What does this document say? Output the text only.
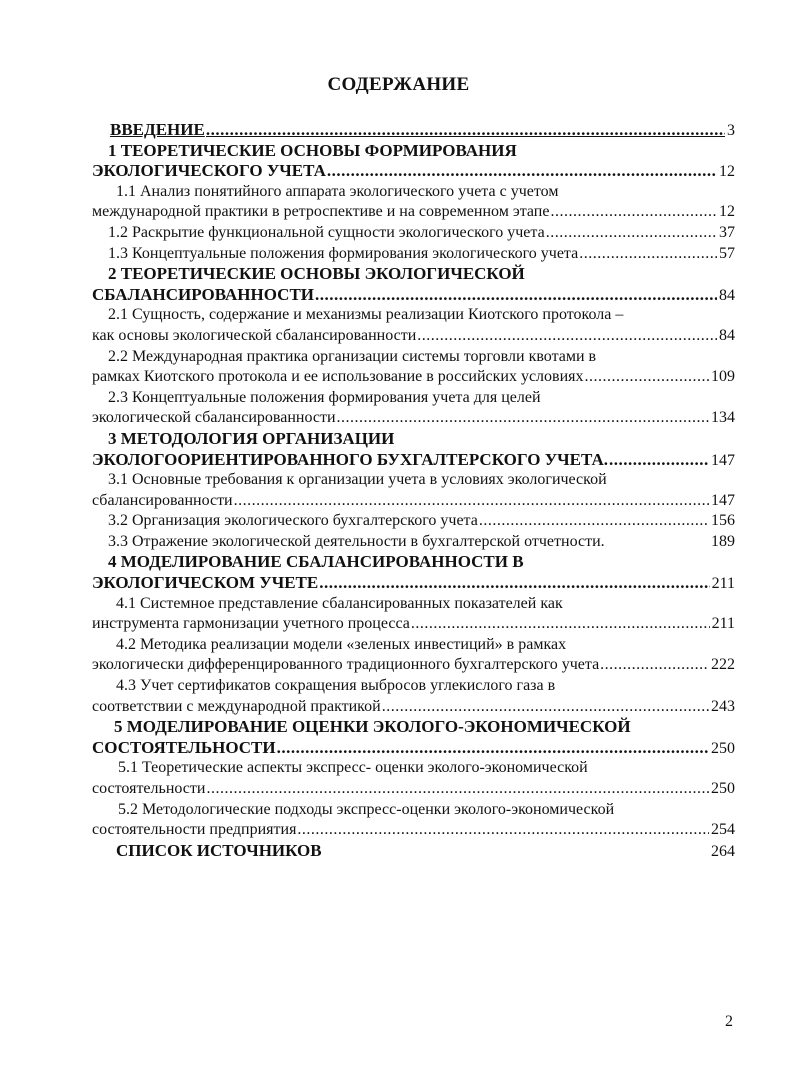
СОДЕРЖАНИЕ
ВВЕДЕНИЕ .....	3
1 ТЕОРЕТИЧЕСКИЕ ОСНОВЫ ФОРМИРОВАНИЯ
ЭКОЛОГИЧЕСКОГО УЧЕТА .....	12
1.1 Анализ понятийного аппарата экологического учета с учетом
международной практики в ретроспективе и на современном этапе .....	12
1.2 Раскрытие функциональной сущности экологического учета .....	37
1.3 Концептуальные положения формирования экологического учета .....	57
2 ТЕОРЕТИЧЕСКИЕ ОСНОВЫ ЭКОЛОГИЧЕСКОЙ
СБАЛАНСИРОВАННОСТИ .....	84
2.1 Сущность, содержание и механизмы реализации Киотского протокола –
как основы экологической сбалансированности .....	84
2.2 Международная практика организации системы торговли квотами в
рамках Киотского протокола и ее использование в российских условиях .....	109
2.3 Концептуальные положения формирования учета для целей
экологической сбалансированности .....	134
3 МЕТОДОЛОГИЯ ОРГАНИЗАЦИИ
ЭКОЛОГООРИЕНТИРОВАННОГО БУХГАЛТЕРСКОГО УЧЕТА. .....	147
3.1 Основные требования к организации учета в условиях экологической
сбалансированности .....	147
3.2 Организация экологического бухгалтерского учета .....	156
3.3 Отражение экологической деятельности в бухгалтерской отчетности.	189
4 МОДЕЛИРОВАНИЕ СБАЛАНСИРОВАННОСТИ В
ЭКОЛОГИЧЕСКОМ УЧЕТЕ .....	211
4.1 Системное представление сбалансированных показателей как
инструмента гармонизации учетного процесса .....	211
4.2 Методика реализации модели «зеленых инвестиций» в рамках
экологически дифференцированного традиционного бухгалтерского учета .....	222
4.3 Учет сертификатов сокращения выбросов углекислого газа в
соответствии с международной практикой .....	243
5 МОДЕЛИРОВАНИЕ ОЦЕНКИ ЭКОЛОГО-ЭКОНОМИЧЕСКОЙ
СОСТОЯТЕЛЬНОСТИ .....	250
5.1 Теоретические аспекты экспресс- оценки эколого-экономической
состоятельности .....	250
5.2 Методологические подходы экспресс-оценки эколого-экономической
состоятельности предприятия .....	254
СПИСОК ИСТОЧНИКОВ	264
2
